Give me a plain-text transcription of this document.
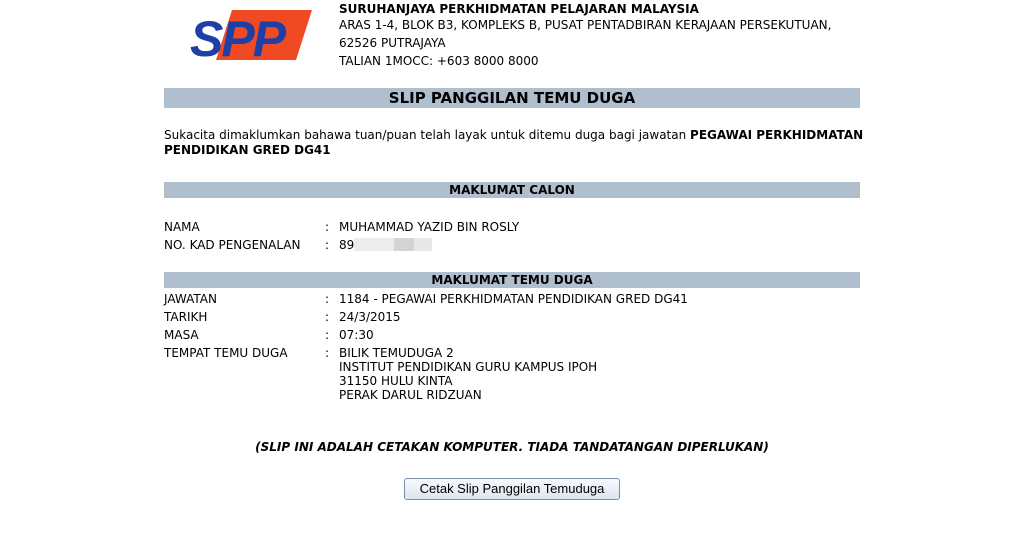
SPP
SURUHANJAYA PERKHIDMATAN PELAJARAN MALAYSIA
ARAS 1-4, BLOK B3, KOMPLEKS B, PUSAT PENTADBIRAN KERAJAAN PERSEKUTUAN,
62526 PUTRAJAYA
TALIAN 1MOCC: +603 8000 8000
SLIP PANGGILAN TEMU DUGA
Sukacita dimaklumkan bahawa tuan/puan telah layak untuk ditemu duga bagi jawatan PEGAWAI PERKHIDMATAN PENDIDIKAN GRED DG41
MAKLUMAT CALON
NAMA	: MUHAMMAD YAZID BIN ROSLY
NO. KAD PENGENALAN : 89
MAKLUMAT TEMU DUGA
JAWATAN	: 1184 - PEGAWAI PERKHIDMATAN PENDIDIKAN GRED DG41
TARIKH	: 24/3/2015
MASA	: 07:30
TEMPAT TEMU DUGA	: BILIK TEMUDUGA 2
INSTITUT PENDIDIKAN GURU KAMPUS IPOH
31150 HULU KINTA
PERAK DARUL RIDZUAN
(SLIP INI ADALAH CETAKAN KOMPUTER. TIADA TANDATANGAN DIPERLUKAN)
Cetak Slip Panggilan Temuduga
